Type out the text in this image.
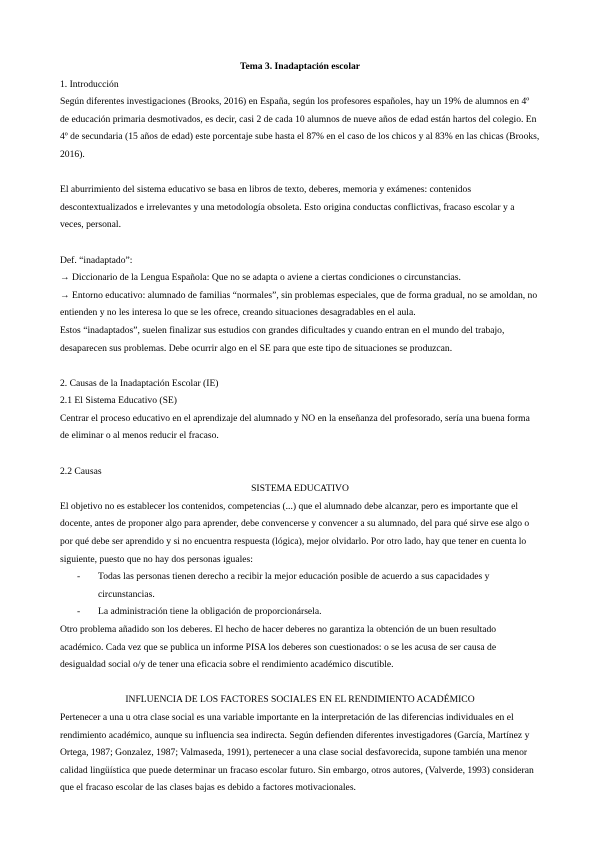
Tema 3. Inadaptación escolar

1. Introducción

Según diferentes investigaciones (Brooks, 2016) en España, según los profesores españoles, hay un 19% de alumnos en 4º de educación primaria desmotivados, es decir, casi 2 de cada 10 alumnos de nueve años de edad están hartos del colegio. En 4º de secundaria (15 años de edad) este porcentaje sube hasta el 87% en el caso de los chicos y al 83% en las chicas (Brooks, 2016).

El aburrimiento del sistema educativo se basa en libros de texto, deberes, memoria y exámenes: contenidos descontextualizados e irrelevantes y una metodología obsoleta. Esto origina conductas conflictivas, fracaso escolar y a veces, personal.

Def. “inadaptado”:

→ Diccionario de la Lengua Española: Que no se adapta o aviene a ciertas condiciones o circunstancias.

→ Entorno educativo: alumnado de familias “normales”, sin problemas especiales, que de forma gradual, no se amoldan, no entienden y no les interesa lo que se les ofrece, creando situaciones desagradables en el aula.

Estos “inadaptados”, suelen finalizar sus estudios con grandes dificultades y cuando entran en el mundo del trabajo, desaparecen sus problemas. Debe ocurrir algo en el SE para que este tipo de situaciones se produzcan.

2. Causas de la Inadaptación Escolar (IE)

2.1 El Sistema Educativo (SE)

Centrar el proceso educativo en el aprendizaje del alumnado y NO en la enseñanza del profesorado, sería una buena forma de eliminar o al menos reducir el fracaso.

2.2 Causas

SISTEMA EDUCATIVO

El objetivo no es establecer los contenidos, competencias (...) que el alumnado debe alcanzar, pero es importante que el docente, antes de proponer algo para aprender, debe convencerse y convencer a su alumnado, del para qué sirve ese algo o por qué debe ser aprendido y si no encuentra respuesta (lógica), mejor olvidarlo. Por otro lado, hay que tener en cuenta lo siguiente, puesto que no hay dos personas iguales:

- Todas las personas tienen derecho a recibir la mejor educación posible de acuerdo a sus capacidades y circunstancias.
- La administración tiene la obligación de proporcionársela.

Otro problema añadido son los deberes. El hecho de hacer deberes no garantiza la obtención de un buen resultado académico. Cada vez que se publica un informe PISA los deberes son cuestionados: o se les acusa de ser causa de desigualdad social o/y de tener una eficacia sobre el rendimiento académico discutible.

INFLUENCIA DE LOS FACTORES SOCIALES EN EL RENDIMIENTO ACADÉMICO

Pertenecer a una u otra clase social es una variable importante en la interpretación de las diferencias individuales en el rendimiento académico, aunque su influencia sea indirecta. Según defienden diferentes investigadores (García, Martínez y Ortega, 1987; Gonzalez, 1987; Valmaseda, 1991), pertenecer a una clase social desfavorecida, supone también una menor calidad lingüística que puede determinar un fracaso escolar futuro. Sin embargo, otros autores, (Valverde, 1993) consideran que el fracaso escolar de las clases bajas es debido a factores motivacionales.
